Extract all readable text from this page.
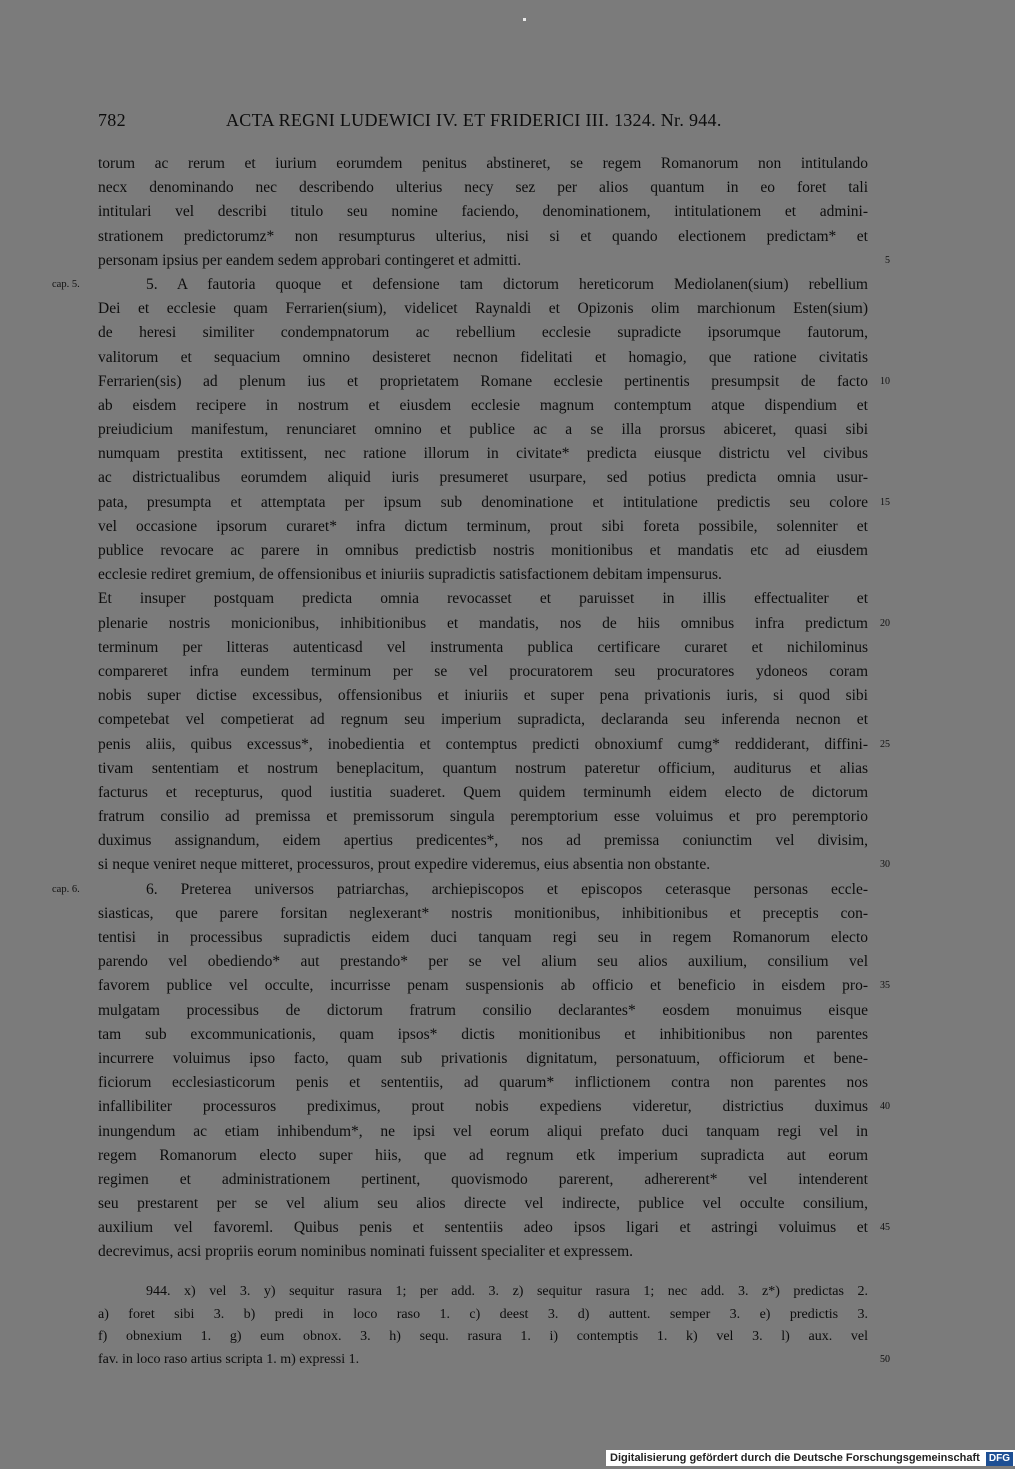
782	ACTA REGNI LUDEWICI IV. ET FRIDERICI III. 1324. Nr. 944.
torum ac rerum et iurium eorumdem penitus abstineret, se regem Romanorum non intitulando
necx denominando nec describendo ulterius necy sez per alios quantum in eo foret tali
intitulari vel describi titulo seu nomine faciendo, denominationem, intitulationem et admini-
strationem predictorumz* non resumpturus ulterius, nisi si et quando electionem predictam* et
personam ipsius per eandem sedem approbari contingeret et admitti.	5
5. A fautoria quoque et defensione tam dictorum hereticorum Mediolanen(sium) rebellium
cap. 5.
Dei et ecclesie quam Ferrarien(sium), videlicet Raynaldi et Opizonis olim marchionum Esten(sium)
de heresi similiter condempnatorum ac rebellium ecclesie supradicte ipsorumque fautorum,
valitorum et sequacium omnino desisteret necnon fidelitati et homagio, que ratione civitatis
Ferrarien(sis) ad plenum ius et proprietatem Romane ecclesie pertinentis presumpsit de facto 10
ab eisdem recipere in nostrum et eiusdem ecclesie magnum contemptum atque dispendium et
preiudicium manifestum, renunciaret omnino et publice ac a se illa prorsus abiceret, quasi sibi
numquam prestita extitissent, nec ratione illorum in civitate* predicta eiusque districtu vel civibus
ac districtualibus eorumdem aliquid iuris presumeret usurpare, sed potius predicta omnia usur-
pata, presumpta et attemptata per ipsum sub denominatione et intitulatione predictis seu colore 15
vel occasione ipsorum curaret* infra dictum terminum, prout sibi foreta possibile, solenniter et
publice revocare ac parere in omnibus predictisb nostris monitionibus et mandatis etc ad eiusdem
ecclesie rediret gremium, de offensionibus et iniuriis supradictis satisfactionem debitam impensurus.
Et insuper postquam predicta omnia revocasset et paruisset in illis effectualiter et
plenarie nostris monicionibus, inhibitionibus et mandatis, nos de hiis omnibus infra predictum 20
terminum per litteras autenticasd vel instrumenta publica certificare curaret et nichilominus
compareret infra eundem terminum per se vel procuratorem seu procuratores ydoneos coram
nobis super dictise excessibus, offensionibus et iniuriis et super pena privationis iuris, si quod sibi
competebat vel competierat ad regnum seu imperium supradicta, declaranda seu inferenda necnon et
penis aliis, quibus excessus*, inobedientia et contemptus predicti obnoxiumf cumg* reddiderant, diffini- 25
tivam sententiam et nostrum beneplacitum, quantum nostrum pateretur officium, auditurus et alias
facturus et recepturus, quod iustitia suaderet. Quem quidem terminumh eidem electo de dictorum
fratrum consilio ad premissa et premissorum singula peremptorium esse voluimus et pro peremptorio
duximus assignandum, eidem apertius predicentes*, nos ad premissa coniunctim vel divisim,
si neque veniret neque mitteret, processuros, prout expedire videremus, eius absentia non obstante.	30
6. Preterea universos patriarchas, archiepiscopos et episcopos ceterasque personas eccle-
cap. 6.
siasticas, que parere forsitan neglexerant* nostris monitionibus, inhibitionibus et preceptis con-
tentisi in processibus supradictis eidem duci tanquam regi seu in regem Romanorum electo
parendo vel obediendo* aut prestando* per se vel alium seu alios auxilium, consilium vel
favorem publice vel occulte, incurrisse penam suspensionis ab officio et beneficio in eisdem pro- 35
mulgatam processibus de dictorum fratrum consilio declarantes* eosdem monuimus eisque
tam sub excommunicationis, quam ipsos* dictis monitionibus et inhibitionibus non parentes
incurrere voluimus ipso facto, quam sub privationis dignitatum, personatuum, officiorum et bene-
ficiorum ecclesiasticorum penis et sententiis, ad quarum* inflictionem contra non parentes nos
infallibiliter processuros prediximus, prout nobis expediens videretur, districtius duximus 40
inungendum ac etiam inhibendum*, ne ipsi vel eorum aliqui prefato duci tanquam regi vel in
regem Romanorum electo super hiis, que ad regnum etk imperium supradicta aut eorum
regimen et administrationem pertinent, quovismodo parerent, adhererent* vel intenderent
seu prestarent per se vel alium seu alios directe vel indirecte, publice vel occulte consilium,
auxilium vel favoreml. Quibus penis et sententiis adeo ipsos ligari et astringi voluimus et 45
decrevimus, acsi propriis eorum nominibus nominati fuissent specialiter et expressem.
944. x) vel 3. y) sequitur rasura 1; per add. 3. z) sequitur rasura 1; nec add. 3. z*) predictas 2.
a) foret sibi 3. b) predi in loco raso 1. c) deest 3. d) auttent. semper 3. e) predictis 3.
f) obnexium 1. g) eum obnox. 3. h) sequ. rasura 1. i) contemptis 1. k) vel 3. l) aux. vel
fav. in loco raso artius scripta 1. m) expressi 1.	50
Digitalisierung gefördert durch die Deutsche Forschungsgemeinschaft DFG
